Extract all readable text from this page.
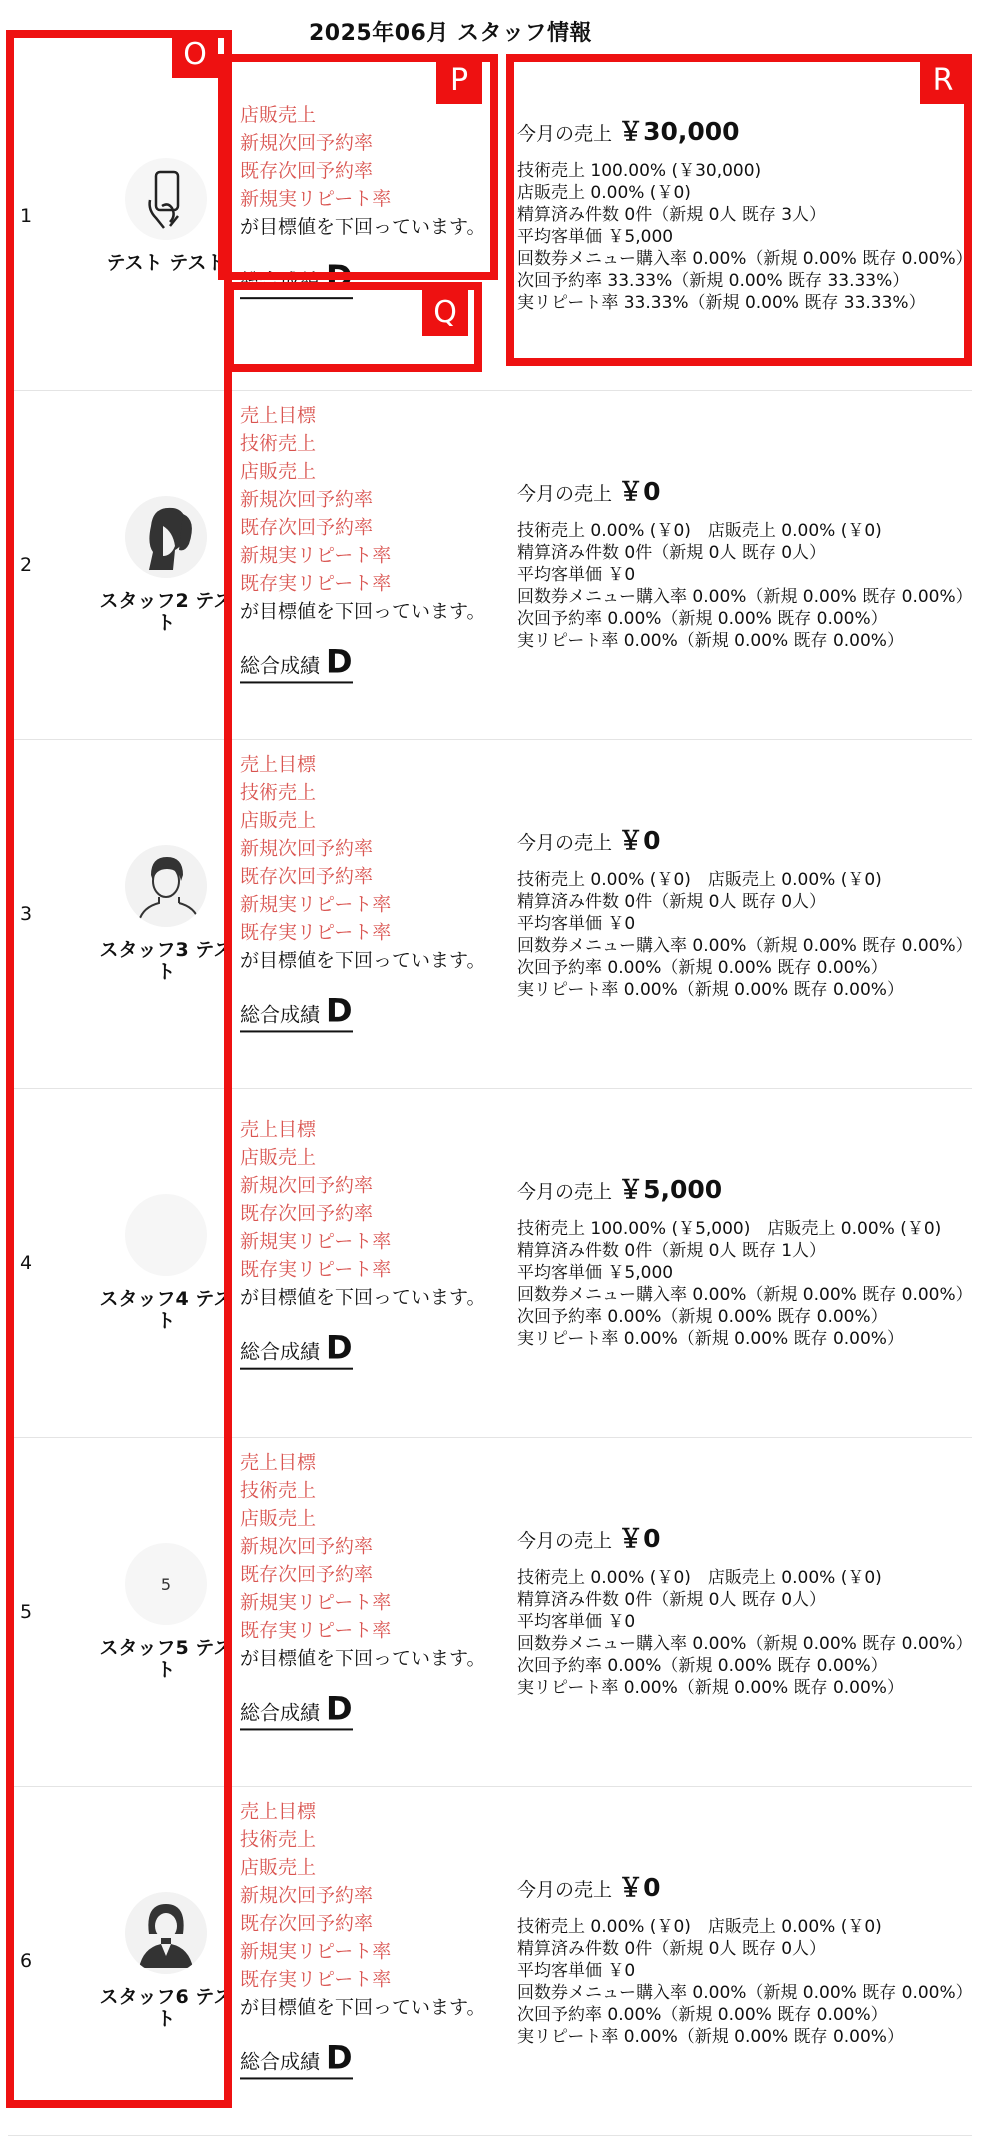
2025年06月 スタッフ情報
1
テスト テスト
店販売上
新規次回予約率
既存次回予約率
新規実リピート率
が目標値を下回っています。
総合成績 D
今月の売上 ￥30,000
技術売上 100.00% (￥30,000)
店販売上 0.00% (￥0)
精算済み件数 0件（新規 0人 既存 3人）
平均客単価 ￥5,000
回数券メニュー購入率 0.00%（新規 0.00% 既存 0.00%）
次回予約率 33.33%（新規 0.00% 既存 33.33%）
実リピート率 33.33%（新規 0.00% 既存 33.33%）
2
スタッフ2 テスト
売上目標
技術売上
店販売上
新規次回予約率
既存次回予約率
新規実リピート率
既存実リピート率
が目標値を下回っています。
総合成績 D
今月の売上 ￥0
技術売上 0.00% (￥0)　店販売上 0.00% (￥0)
精算済み件数 0件（新規 0人 既存 0人）
平均客単価 ￥0
回数券メニュー購入率 0.00%（新規 0.00% 既存 0.00%）
次回予約率 0.00%（新規 0.00% 既存 0.00%）
実リピート率 0.00%（新規 0.00% 既存 0.00%）
3
スタッフ3 テスト
売上目標
技術売上
店販売上
新規次回予約率
既存次回予約率
新規実リピート率
既存実リピート率
が目標値を下回っています。
総合成績 D
今月の売上 ￥0
技術売上 0.00% (￥0)　店販売上 0.00% (￥0)
精算済み件数 0件（新規 0人 既存 0人）
平均客単価 ￥0
回数券メニュー購入率 0.00%（新規 0.00% 既存 0.00%）
次回予約率 0.00%（新規 0.00% 既存 0.00%）
実リピート率 0.00%（新規 0.00% 既存 0.00%）
4
スタッフ4 テスト
売上目標
店販売上
新規次回予約率
既存次回予約率
新規実リピート率
既存実リピート率
が目標値を下回っています。
総合成績 D
今月の売上 ￥5,000
技術売上 100.00% (￥5,000)　店販売上 0.00% (￥0)
精算済み件数 0件（新規 0人 既存 1人）
平均客単価 ￥5,000
回数券メニュー購入率 0.00%（新規 0.00% 既存 0.00%）
次回予約率 0.00%（新規 0.00% 既存 0.00%）
実リピート率 0.00%（新規 0.00% 既存 0.00%）
5
5
スタッフ5 テスト
売上目標
技術売上
店販売上
新規次回予約率
既存次回予約率
新規実リピート率
既存実リピート率
が目標値を下回っています。
総合成績 D
今月の売上 ￥0
技術売上 0.00% (￥0)　店販売上 0.00% (￥0)
精算済み件数 0件（新規 0人 既存 0人）
平均客単価 ￥0
回数券メニュー購入率 0.00%（新規 0.00% 既存 0.00%）
次回予約率 0.00%（新規 0.00% 既存 0.00%）
実リピート率 0.00%（新規 0.00% 既存 0.00%）
6
スタッフ6 テスト
売上目標
技術売上
店販売上
新規次回予約率
既存次回予約率
新規実リピート率
既存実リピート率
が目標値を下回っています。
総合成績 D
今月の売上 ￥0
技術売上 0.00% (￥0)　店販売上 0.00% (￥0)
精算済み件数 0件（新規 0人 既存 0人）
平均客単価 ￥0
回数券メニュー購入率 0.00%（新規 0.00% 既存 0.00%）
次回予約率 0.00%（新規 0.00% 既存 0.00%）
実リピート率 0.00%（新規 0.00% 既存 0.00%）
O
P
Q
R
